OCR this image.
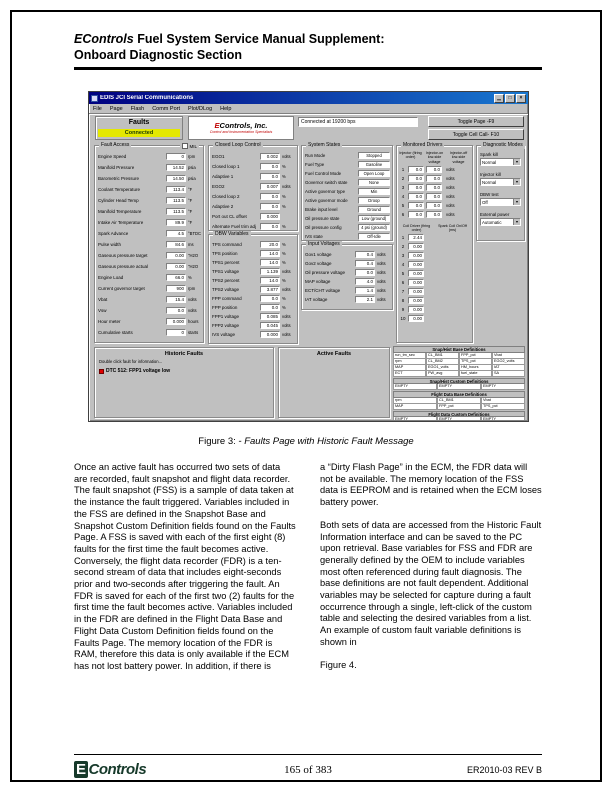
EControls Fuel System Service Manual Supplement:
Onboard Diagnostic Section
EDIS JCI Serial Communications
▁
□
×
File Page Flash Comm Port Plot/DLog Help
Faults
Connected
EControls, Inc.
Control and Instrumentation Specialists
Connected at 19200 bps	Toggle Page -F9
Toggle Cell Call- F10
Fault Access	MIL
Engine Speed	0 rpm
Manifold Pressure	14.52 psia
Barometric Pressure	14.50 psia
Coolant Temperature	113.4 °F
Cylinder Head Temp	113.5 °F
Manifold Temperature	113.5 °F
Intake Air Temperature	89.9 °F
Spark Advance	4.5 °BTDC
Pulse width	84.6 ms
Gaseous pressure target	0.00 "H2O
Gaseous pressure actual	0.00 "H2O
Engine Load	66.0 %
Current governor target	900 rpm
Vbat	15.4 volts
Vsw	0.0 volts
Hour meter	0.000 hours
Cumulative starts	0 starts
Closed Loop Control
EGO1	0.002 volts
Closed loop 1	0.0 %
Adaptive 1	0.0 %
EGO2	0.007 volts
Closed loop 2	0.0 %
Adaptive 2	0.0 %
Port out CL offset	0.000
Alternate Fuel trim adj	0.0 %
DBW Variables
TPS command	20.0 %
TPS position	14.0 %
TPS1 percent	14.0 %
TPS1 voltage	1.139 volts
TPS2 percent	14.0 %
TPS2 voltage	3.877 volts
FPP command	0.0 %
FPP position	0.0 %
FPP1 voltage	0.085 volts
FPP2 voltage	0.045 volts
IVS voltage	0.000 volts
System States
Run Mode	Stopped
Fuel Type	Gasoline
Fuel Control Mode	Open Loop
Governor switch state	None
Active governor type	Min
Active governor mode	Droop
Brake input level	Ground
Oil pressure state	Low (ground)
Oil pressure config	4 psi (ground)
IVS state	Off-Idle
Input Voltages
Gov1 voltage	0.4 volts
Gov2 voltage	0.4 volts
Oil pressure voltage	0.0 volts
MAP voltage	4.0 volts
ECT/CHT voltage	1.4 volts
IAT voltage	2.1 volts
Monitored Drivers
Injector (firing order)
Injector-on low-side voltage
Injector-off low-side voltage
1	0.0	0.0	volts
2	0.0	0.0	volts
3	0.0	0.0	volts
4	0.0	0.0	volts
5	0.0	0.0	volts
6	0.0	0.0	volts
Coil Driver (firing order)
Spark Coil On/Off (ms)
1	2.44
2	0.00
3	0.00
4	0.00
5	0.00
6	0.00
7	0.00
8	0.00
9	0.00
10	0.00
Diagnostic Modes
Spark kill
Normal
▼
Injector kill
Normal
▼
DBW test
Off
▼
External power
Automatic
▼
Historic Faults
Double click fault for information...
DTC 512: FPP1 voltage low
Active Faults
Snap/Hist Base Definitions
run_tm_sec	CL_BM1	FPP_pct	Vbat
rpm	CL_BM2	TPS_pct	EGO2_volts
MAP	EGO1_volts	HM_hours	IAT
ECT	PW_avg	fuel_state	SA
Snap/Hist Custom Definitions
EMPTY	EMPTY	EMPTY
Flight Data Base Definitions
rpm	CL_BM1	Vbat
MAP	FPP_pct	TPS_pct
Flight Data Custom Definitions
EMPTY	EMPTY	EMPTY
Figure 3: - Faults Page with Historic Fault Message
Once an active fault has occurred two sets of data are recorded, fault snapshot and flight data recorder. The fault snapshot (FSS) is a sample of data taken at the instance the fault triggered. Variables included in the FSS are defined in the Snapshot Base and Snapshot Custom Definition fields found on the Faults Page. A FSS is saved with each of the first eight (8) faults for the first time the fault becomes active. Conversely, the flight data recorder (FDR) is a ten-second stream of data that includes eight-seconds prior and two-seconds after triggering the fault. An FDR is saved for each of the first two (2) faults for the first time the fault becomes active. Variables included in the FDR are defined in the Flight Data Base and Flight Data Custom Definition fields found on the Faults Page. The memory location of the FDR is RAM, therefore this data is only available if the ECM has not lost battery power. In addition, if there is

a “Dirty Flash Page” in the ECM, the FDR data will not be available. The memory location of the FSS data is EEPROM and is retained when the ECM loses battery power.

Both sets of data are accessed from the Historic Fault Information interface and can be saved to the PC upon retrieval. Base variables for FSS and FDR are generally defined by the OEM to include variables most often referenced during fault diagnosis. The base definitions are not fault dependent. Additional variables may be selected for capture during a fault occurrence through a single, left-click of the custom table and selecting the desired variables from a list. An example of custom fault variable definitions is shown in

Figure 4.

E Controls	165 of 383	ER2010-03 REV B
